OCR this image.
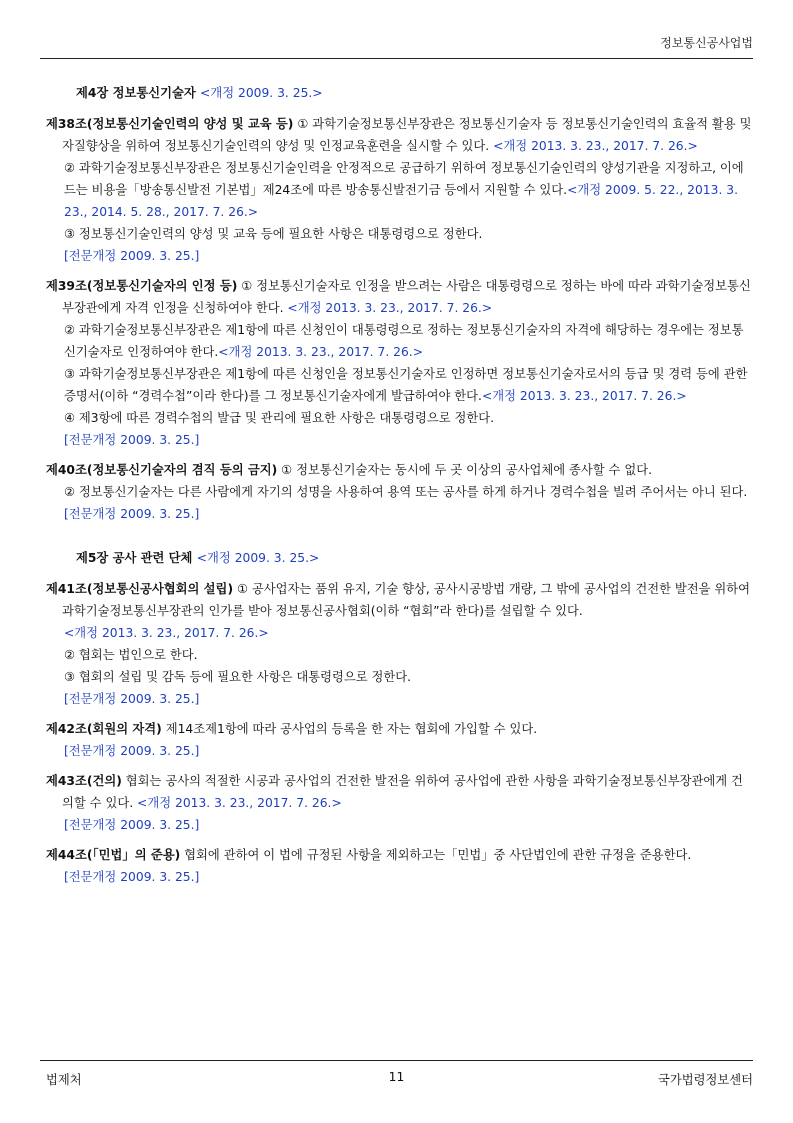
정보통신공사업법
제4장 정보통신기술자 <개정 2009. 3. 25.>
제38조(정보통신기술인력의 양성 및 교육 등) ① 과학기술정보통신부장관은 정보통신기술자 등 정보통신기술인력의 효율적 활용 및 자질향상을 위하여 정보통신기술인력의 양성 및 인정교육훈련을 실시할 수 있다. <개정 2013. 3. 23., 2017. 7. 26.>
② 과학기술정보통신부장관은 정보통신기술인력을 안정적으로 공급하기 위하여 정보통신기술인력의 양성기관을 지정하고, 이에 드는 비용을「방송통신발전 기본법」제24조에 따른 방송통신발전기금 등에서 지원할 수 있다.<개정 2009. 5. 22., 2013. 3. 23., 2014. 5. 28., 2017. 7. 26.>
③ 정보통신기술인력의 양성 및 교육 등에 필요한 사항은 대통령령으로 정한다.
[전문개정 2009. 3. 25.]
제39조(정보통신기술자의 인정 등) ① 정보통신기술자로 인정을 받으려는 사람은 대통령령으로 정하는 바에 따라 과학기술정보통신부장관에게 자격 인정을 신청하여야 한다. <개정 2013. 3. 23., 2017. 7. 26.>
② 과학기술정보통신부장관은 제1항에 따른 신청인이 대통령령으로 정하는 정보통신기술자의 자격에 해당하는 경우에는 정보통신기술자로 인정하여야 한다.<개정 2013. 3. 23., 2017. 7. 26.>
③ 과학기술정보통신부장관은 제1항에 따른 신청인을 정보통신기술자로 인정하면 정보통신기술자로서의 등급 및 경력 등에 관한 증명서(이하 “경력수첩”이라 한다)를 그 정보통신기술자에게 발급하여야 한다.<개정 2013. 3. 23., 2017. 7. 26.>
④ 제3항에 따른 경력수첩의 발급 및 관리에 필요한 사항은 대통령령으로 정한다.
[전문개정 2009. 3. 25.]
제40조(정보통신기술자의 겸직 등의 금지) ① 정보통신기술자는 동시에 두 곳 이상의 공사업체에 종사할 수 없다.
② 정보통신기술자는 다른 사람에게 자기의 성명을 사용하여 용역 또는 공사를 하게 하거나 경력수첩을 빌려 주어서는 아니 된다.
[전문개정 2009. 3. 25.]
제5장 공사 관련 단체 <개정 2009. 3. 25.>
제41조(정보통신공사협회의 설립) ① 공사업자는 품위 유지, 기술 향상, 공사시공방법 개량, 그 밖에 공사업의 건전한 발전을 위하여 과학기술정보통신부장관의 인가를 받아 정보통신공사협회(이하 “협회”라 한다)를 설립할 수 있다.
<개정 2013. 3. 23., 2017. 7. 26.>
② 협회는 법인으로 한다.
③ 협회의 설립 및 감독 등에 필요한 사항은 대통령령으로 정한다.
[전문개정 2009. 3. 25.]
제42조(회원의 자격) 제14조제1항에 따라 공사업의 등록을 한 자는 협회에 가입할 수 있다.
[전문개정 2009. 3. 25.]
제43조(건의) 협회는 공사의 적절한 시공과 공사업의 건전한 발전을 위하여 공사업에 관한 사항을 과학기술정보통신부장관에게 건의할 수 있다. <개정 2013. 3. 23., 2017. 7. 26.>
[전문개정 2009. 3. 25.]
제44조(「민법」의 준용) 협회에 관하여 이 법에 규정된 사항을 제외하고는「민법」중 사단법인에 관한 규정을 준용한다.
[전문개정 2009. 3. 25.]
법제처	11	국가법령정보센터
